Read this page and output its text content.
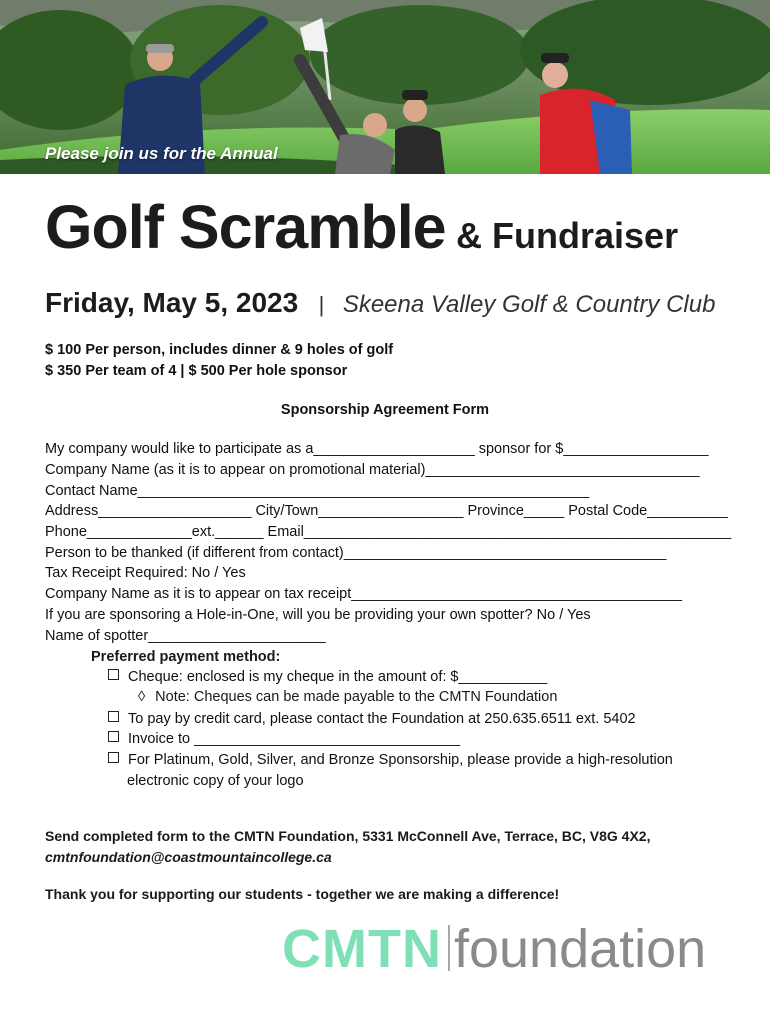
Please join us for the Annual
Golf Scramble & Fundraiser
Friday, May 5, 2023 | Skeena Valley Golf & Country Club
$ 100 Per person, includes dinner & 9 holes of golf
$ 350 Per team of 4 | $ 500 Per hole sponsor
Sponsorship Agreement Form
My company would like to participate as a____________________ sponsor for $__________________
Company Name (as it is to appear on promotional material)__________________________________
Contact Name________________________________________________________
Address___________________ City/Town__________________ Province_____ Postal Code__________
Phone_____________ext.______ Email_____________________________________________________
Person to be thanked (if different from contact)________________________________________
Tax Receipt Required: No / Yes
Company Name as it is to appear on tax receipt_________________________________________
If you are sponsoring a Hole-in-One, will you be providing your own spotter? No / Yes
Name of spotter______________________
Preferred payment method:
Cheque: enclosed is my cheque in the amount of: $___________
◊ Note: Cheques can be made payable to the CMTN Foundation
To pay by credit card, please contact the Foundation at 250.635.6511 ext. 5402
Invoice to _________________________________
For Platinum, Gold, Silver, and Bronze Sponsorship, please provide a high-resolution
electronic copy of your logo
Send completed form to the CMTN Foundation, 5331 McConnell Ave, Terrace, BC, V8G 4X2,
cmtnfoundation@coastmountaincollege.ca
Thank you for supporting our students - together we are making a difference!
CMTN foundation
